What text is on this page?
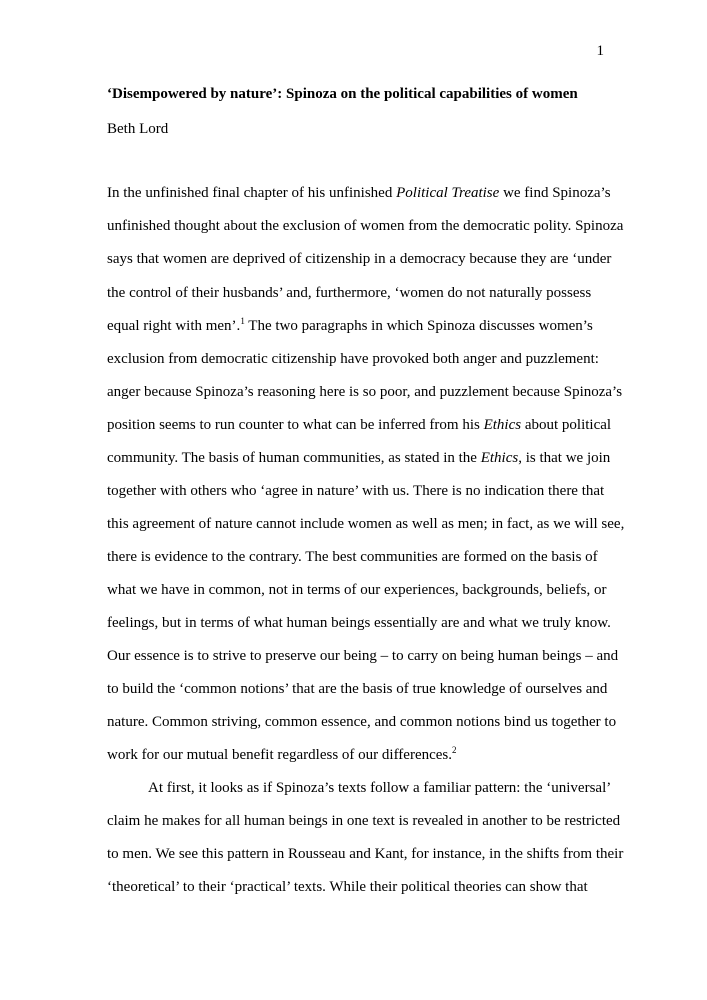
1
‘Disempowered by nature’: Spinoza on the political capabilities of women
Beth Lord
In the unfinished final chapter of his unfinished Political Treatise we find Spinoza’s
unfinished thought about the exclusion of women from the democratic polity. Spinoza
says that women are deprived of citizenship in a democracy because they are ‘under
the control of their husbands’ and, furthermore, ‘women do not naturally possess
equal right with men’.$^1$ The two paragraphs in which Spinoza discusses women’s
exclusion from democratic citizenship have provoked both anger and puzzlement:
anger because Spinoza’s reasoning here is so poor, and puzzlement because Spinoza’s
position seems to run counter to what can be inferred from his Ethics about political
community. The basis of human communities, as stated in the Ethics, is that we join
together with others who ‘agree in nature’ with us. There is no indication there that
this agreement of nature cannot include women as well as men; in fact, as we will see,
there is evidence to the contrary. The best communities are formed on the basis of
what we have in common, not in terms of our experiences, backgrounds, beliefs, or
feelings, but in terms of what human beings essentially are and what we truly know.
Our essence is to strive to preserve our being – to carry on being human beings – and
to build the ‘common notions’ that are the basis of true knowledge of ourselves and
nature. Common striving, common essence, and common notions bind us together to
work for our mutual benefit regardless of our differences.$^2$
At first, it looks as if Spinoza’s texts follow a familiar pattern: the ‘universal’
claim he makes for all human beings in one text is revealed in another to be restricted
to men. We see this pattern in Rousseau and Kant, for instance, in the shifts from their
‘theoretical’ to their ‘practical’ texts. While their political theories can show that
